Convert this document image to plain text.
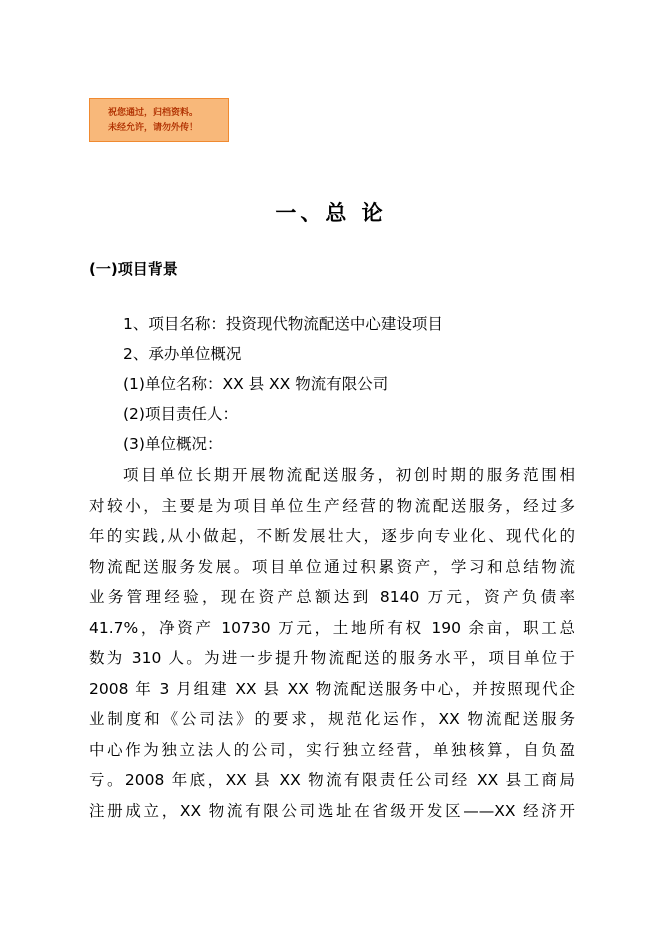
祝您通过，归档资料。
未经允许，请勿外传！
一、总 论
(一)项目背景
1、项目名称：投资现代物流配送中心建设项目
2、承办单位概况
(1)单位名称：XX 县 XX 物流有限公司
(2)项目责任人：
(3)单位概况：
项目单位长期开展物流配送服务，初创时期的服务范围相
对较小，主要是为项目单位生产经营的物流配送服务，经过多
年的实践,从小做起，不断发展壮大，逐步向专业化、现代化的
物流配送服务发展。项目单位通过积累资产，学习和总结物流
业务管理经验，现在资产总额达到 8140 万元，资产负债率
41.7%，净资产 10730 万元，土地所有权 190 余亩，职工总
数为 310 人。为进一步提升物流配送的服务水平，项目单位于
2008 年 3 月组建 XX 县 XX 物流配送服务中心，并按照现代企
业制度和《公司法》的要求，规范化运作，XX 物流配送服务
中心作为独立法人的公司，实行独立经营，单独核算，自负盈
亏。2008 年底，XX 县 XX 物流有限责任公司经 XX 县工商局
注册成立，XX 物流有限公司选址在省级开发区——XX 经济开
